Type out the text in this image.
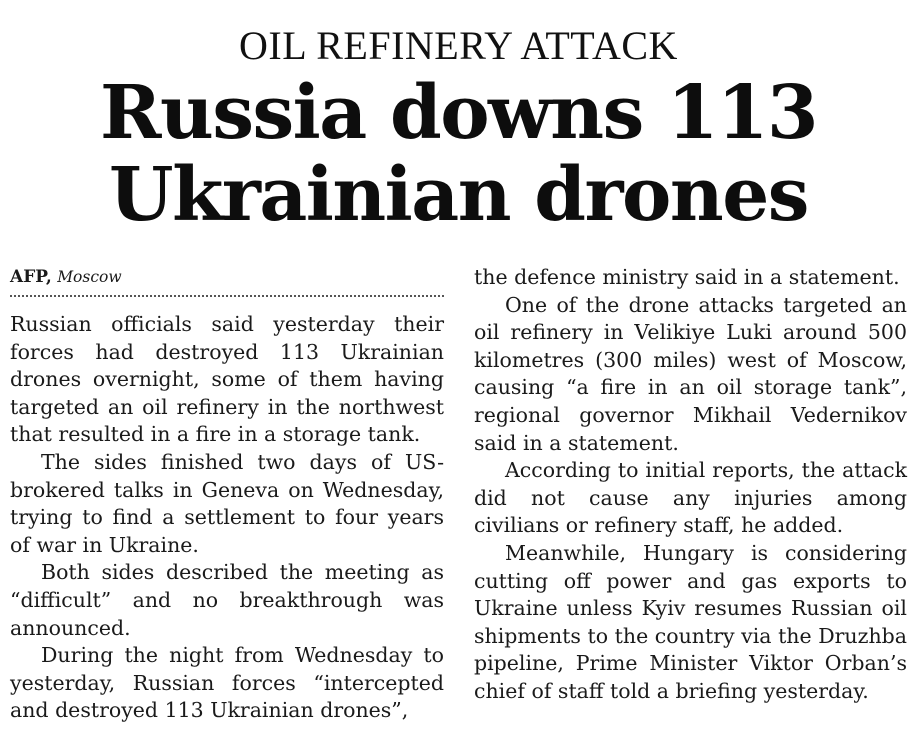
OIL REFINERY ATTACK
Russia downs 113 Ukrainian drones
AFP, Moscow

Russian officials said yesterday their forces had destroyed 113 Ukrainian drones overnight, some of them having targeted an oil refinery in the northwest that resulted in a fire in a storage tank.

The sides finished two days of US-brokered talks in Geneva on Wednesday, trying to find a settlement to four years of war in Ukraine.

Both sides described the meeting as “difficult” and no breakthrough was announced.

During the night from Wednesday to yesterday, Russian forces “intercepted and destroyed 113 Ukrainian drones”,

the defence ministry said in a statement.

One of the drone attacks targeted an oil refinery in Velikiye Luki around 500 kilometres (300 miles) west of Moscow, causing “a fire in an oil storage tank”, regional governor Mikhail Vedernikov said in a statement.

According to initial reports, the attack did not cause any injuries among civilians or refinery staff, he added.

Meanwhile, Hungary is considering cutting off power and gas exports to Ukraine unless Kyiv resumes Russian oil shipments to the country via the Druzhba pipeline, Prime Minister Viktor Orban’s chief of staff told a briefing yesterday.
